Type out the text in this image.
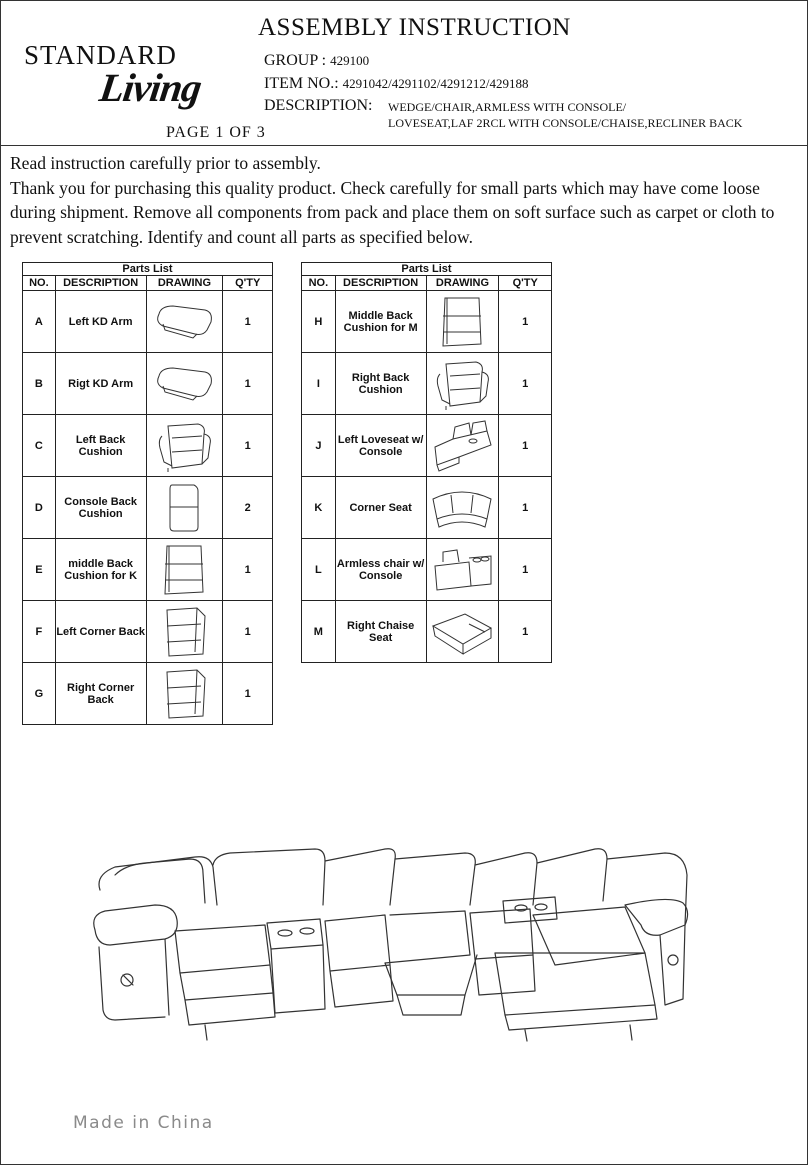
STANDARD
Living
PAGE 1 OF 3
ASSEMBLY INSTRUCTION
GROUP : 429100
ITEM NO.: 4291042/4291102/4291212/429188
DESCRIPTION: WEDGE/CHAIR,ARMLESS WITH CONSOLE/
LOVESEAT,LAF 2RCL WITH CONSOLE/CHAISE,RECLINER BACK

Read instruction carefully prior to assembly.

Thank you for purchasing this quality product. Check carefully for small parts which may have come loose during shipment. Remove all components from pack and place them on soft surface such as carpet or cloth to prevent scratching. Identify and count all parts as specified below.

Parts List			
NO.	DESCRIPTION	DRAWING	Q'TY
A	Left KD Arm		1
B	Rigt KD Arm		1
C	Left Back Cushion		1
D	Console Back Cushion		2
E	middle Back Cushion for K		1
F	Left Corner Back		1
G	Right Corner Back		1
Parts List			
NO.	DESCRIPTION	DRAWING	Q'TY
H	Middle Back Cushion for M		1
I	Right Back Cushion		1
J	Left Loveseat w/ Console		1
K	Corner Seat		1
L	Armless chair w/ Console		1
M	Right Chaise Seat		1
Made in China
